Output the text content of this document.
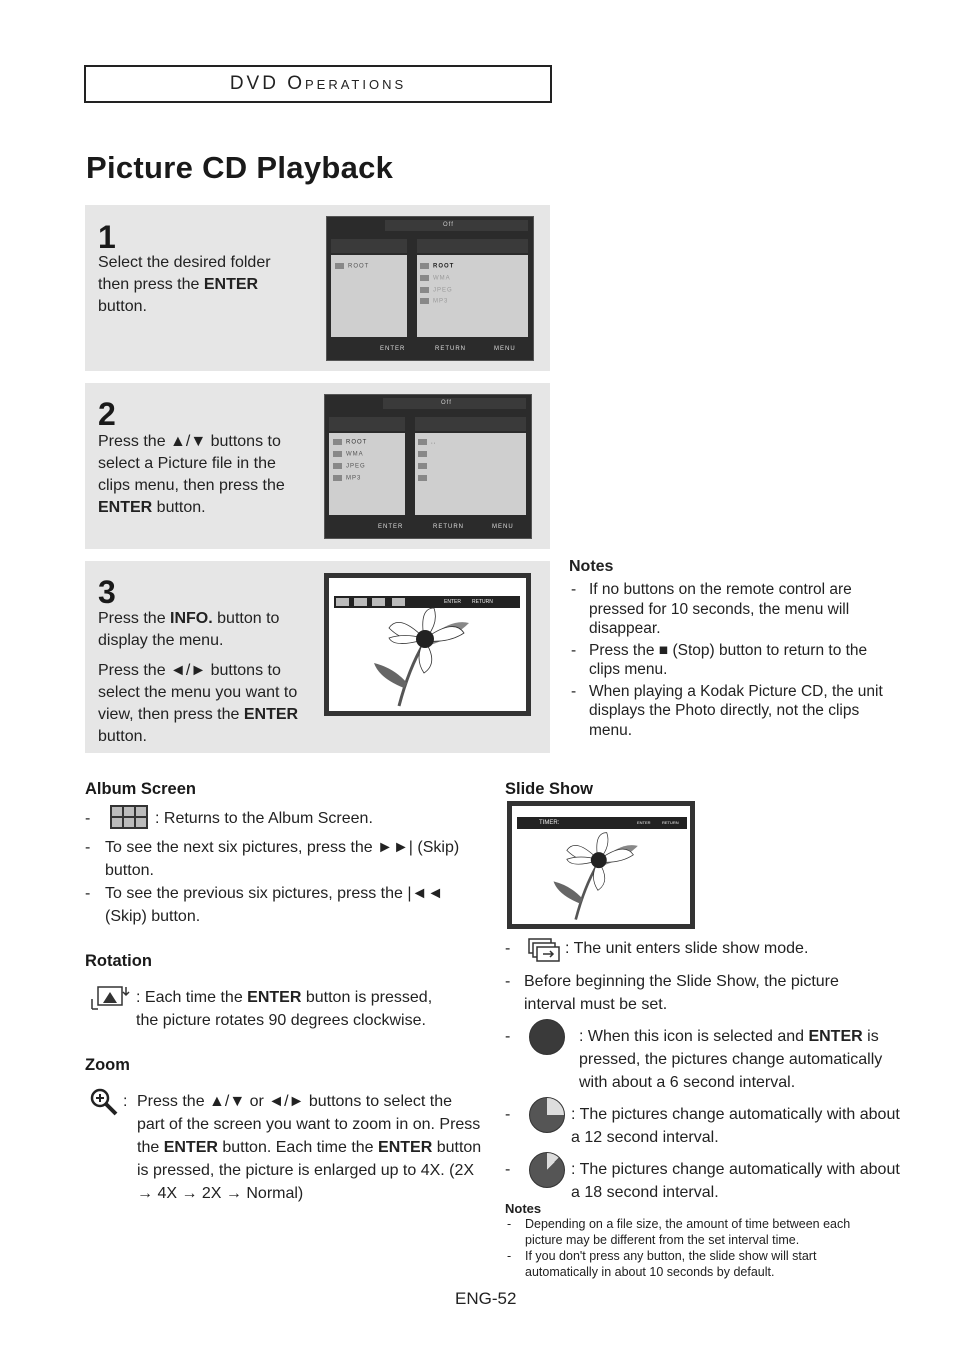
DVD Operations
Picture CD Playback
1
Select the desired folder then press the ENTER button.
Off
ROOT	ROOT
WMA
JPEG
MP3
ENTER	RETURN	MENU
2
Press the ▲/▼ buttons to select a Picture file in the clips menu, then press the ENTER button.
Off
ROOT
WMA
JPEG
MP3
..
ENTER	RETURN	MENU
3

Press the INFO. button to display the menu.

Press the ◄/► buttons to select the menu you want to view, then press the ENTER button.

ENTER RETURN
Notes
- If no buttons on the remote control are pressed for 10 seconds, the menu will disappear.
- Press the ■ (Stop) button to return to the clips menu.
- When playing a Kodak Picture CD, the unit displays the Photo directly, not the clips menu.
Album Screen
-	: Returns to the Album Screen.
- To see the next six pictures, press the ►►| (Skip) button.
- To see the previous six pictures, press the |◄◄ (Skip) button.
Rotation
: Each time the ENTER button is pressed, the picture rotates 90 degrees clockwise.
Zoom
: Press the ▲/▼ or ◄/► buttons to select the part of the screen you want to zoom in on. Press the ENTER button. Each time the ENTER button is pressed, the picture is enlarged up to 4X. (2X → 4X → 2X → Normal)
Slide Show
TIMER:	ENTER	RETURN
-	: The unit enters slide show mode.
- Before beginning the Slide Show, the picture interval must be set.
-	: When this icon is selected and ENTER is pressed, the pictures change automatically with about a 6 second interval.
-	: The pictures change automatically with about a 12 second interval.
-	: The pictures change automatically with about a 18 second interval.
Notes
- Depending on a file size, the amount of time between each picture may be different from the set interval time.
- If you don't press any button, the slide show will start automatically in about 10 seconds by default.
ENG-52
